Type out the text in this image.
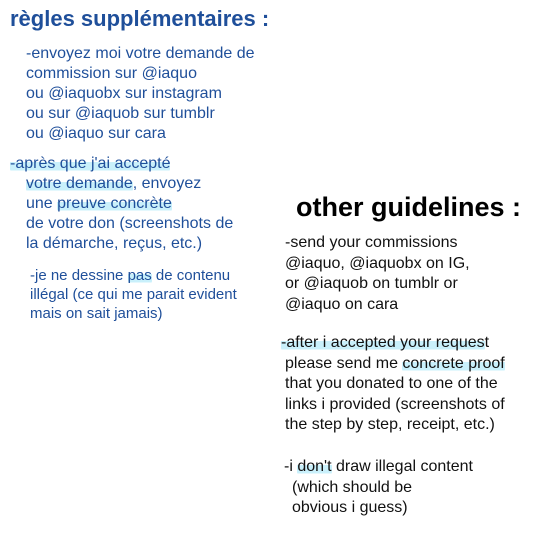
règles supplémentaires :
-envoyez moi votre demande de
commission sur @iaquo
ou @iaquobx sur instagram
ou sur @iaquob sur tumblr
ou @iaquo sur cara
-après que j'ai accepté
votre demande, envoyez
une preuve concrète
de votre don (screenshots de
la démarche, reçus, etc.)
-je ne dessine pas de contenu
illégal (ce qui me parait evident
mais on sait jamais)
other guidelines :
-send your commissions
@iaquo, @iaquobx on IG,
or @iaquob on tumblr or
@iaquo on cara
-after i accepted your request
please send me concrete proof
that you donated to one of the
links i provided (screenshots of
the step by step, receipt, etc.)
-i don't draw illegal content
(which should be
obvious i guess)
